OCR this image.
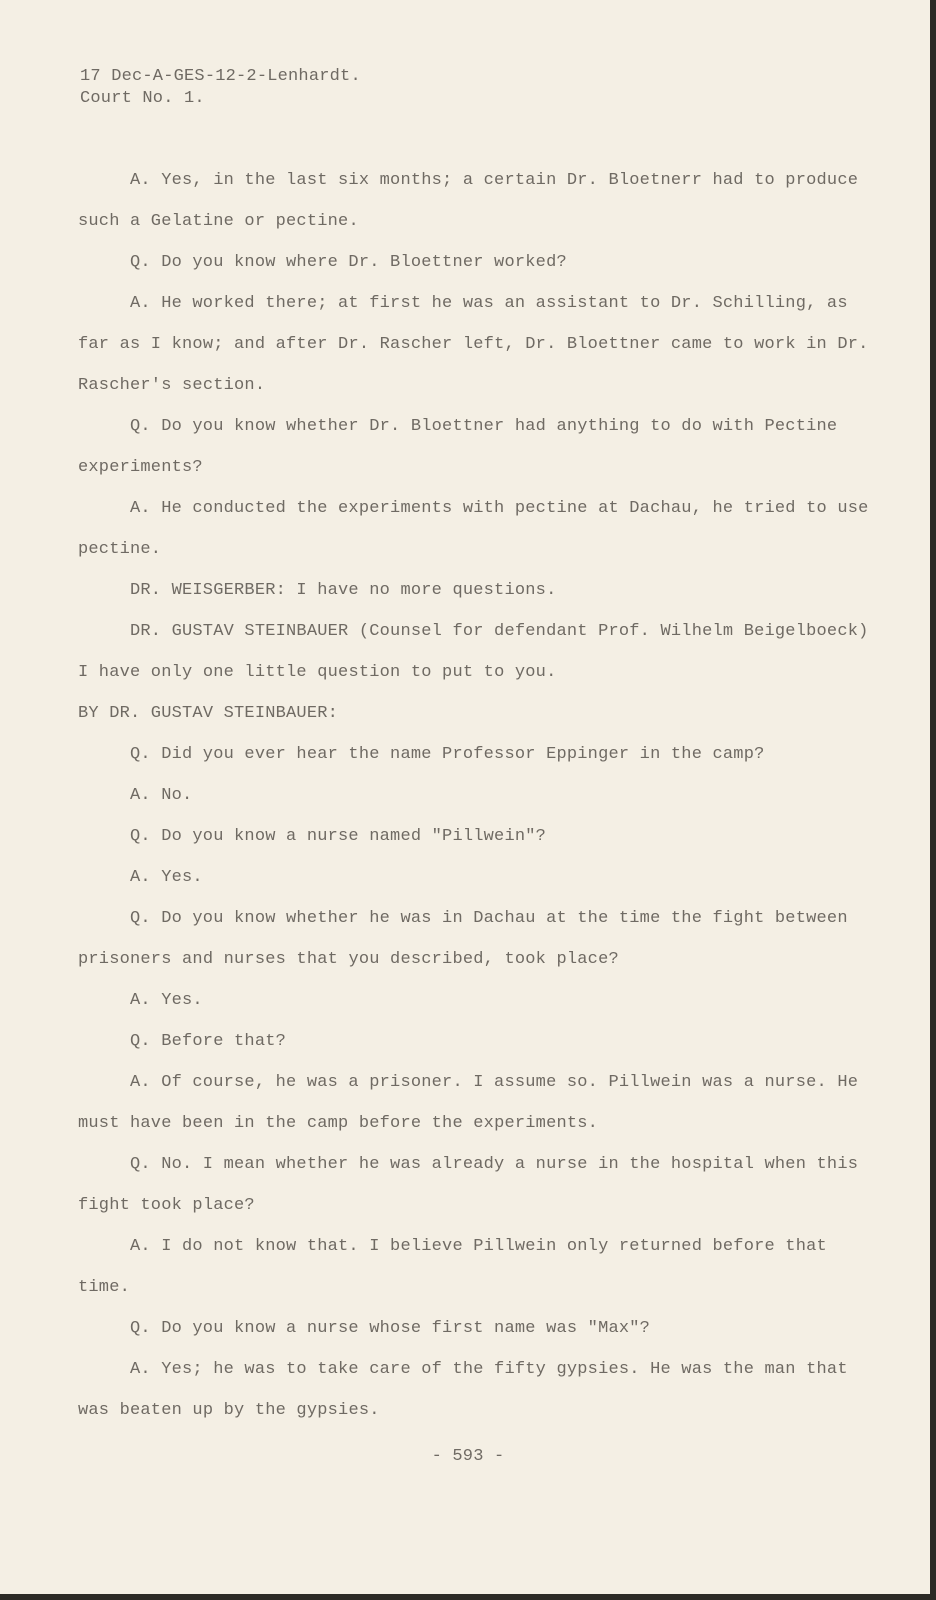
17 Dec-A-GES-12-2-Lenhardt.
Court No. 1.
A. Yes, in the last six months; a certain Dr. Bloetnerr had to produce
such a Gelatine or pectine.
Q. Do you know where Dr. Bloettner worked?
A. He worked there; at first he was an assistant to Dr. Schilling, as
far as I know; and after Dr. Rascher left, Dr. Bloettner came to work in Dr.
Rascher's section.
Q. Do you know whether Dr. Bloettner had anything to do with Pectine
experiments?
A. He conducted the experiments with pectine at Dachau, he tried to use
pectine.
DR. WEISGERBER: I have no more questions.
DR. GUSTAV STEINBAUER (Counsel for defendant Prof. Wilhelm Beigelboeck)
I have only one little question to put to you.
BY DR. GUSTAV STEINBAUER:
Q. Did you ever hear the name Professor Eppinger in the camp?
A. No.
Q. Do you know a nurse named "Pillwein"?
A. Yes.
Q. Do you know whether he was in Dachau at the time the fight between
prisoners and nurses that you described, took place?
A. Yes.
Q. Before that?
A. Of course, he was a prisoner. I assume so. Pillwein was a nurse. He
must have been in the camp before the experiments.
Q. No. I mean whether he was already a nurse in the hospital when this
fight took place?
A. I do not know that. I believe Pillwein only returned before that
time.
Q. Do you know a nurse whose first name was "Max"?
A. Yes; he was to take care of the fifty gypsies. He was the man that
was beaten up by the gypsies.
- 593 -
